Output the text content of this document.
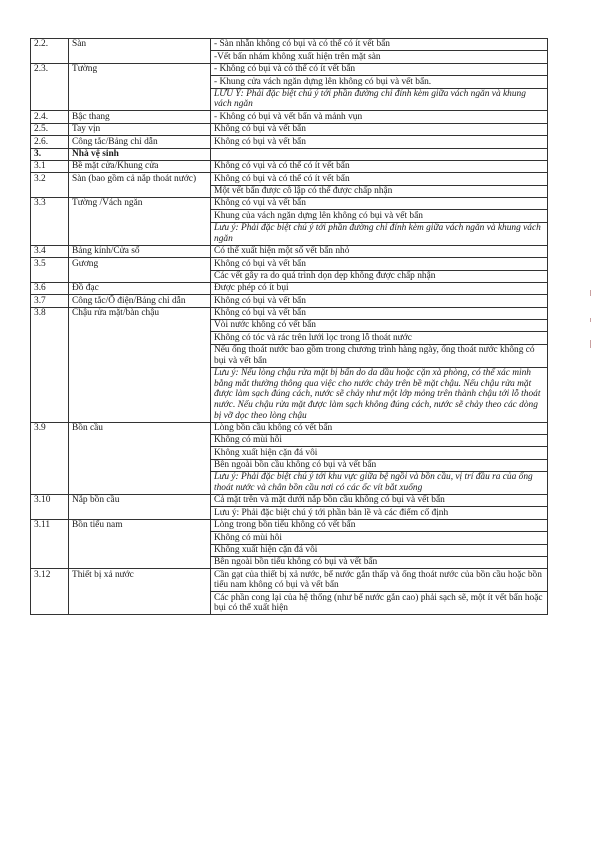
2.2.	Sàn	- Sàn nhẵn không có bụi và có thể có ít vết bẩn
		-Vết bẩn nhám không xuất hiện trên mặt sàn
2.3.	Tường	- Không có bụi và có thể có ít vết bẩn
		- Khung cửa vách ngăn dựng lên không có bụi và vết bẩn.
		LƯU Ý: Phải đặc biệt chú ý tới phần đường chỉ đính kèm giữa vách ngăn và khung vách ngăn
2.4.	Bậc thang	- Không có bụi và vết bẩn và mảnh vụn
2.5.	Tay vịn	Không có bụi và vết bẩn
2.6.	Công tắc/Bảng chỉ dẫn	Không có bụi và vết bẩn
3.	Nhà vệ sinh	
3.1	Bề mặt cửa/Khung cửa	Không có vụi và có thể có ít vết bẩn
3.2	Sàn (bao gồm cả nắp thoát nước)	Không có bụi và có thể có ít vết bẩn
		Một vết bẩn được cô lập có thể được chấp nhận
3.3	Tường /Vách ngăn	Không có vụi và vết bẩn
		Khung của vách ngăn dựng lên không có bụi và vết bẩn
		Lưu ý: Phải đặc biệt chú ý tới phần đường chỉ đính kèm giữa vách ngăn và khung vách ngăn
3.4	Bảng kính/Cửa sổ	Có thể xuất hiện một số vết bẩn nhỏ
3.5	Gương	Không có bụi và vết bẩn
		Các vết gây ra do quá trình dọn dẹp không được chấp nhận
3.6	Đồ đạc	Được phép có ít bụi
3.7	Công tắc/Ổ điện/Bảng chỉ dẫn	Không có bụi và vết bẩn
3.8	Chậu rửa mặt/bàn chậu	Không có bụi và vết bẩn
		Vòi nước không có vết bẩn
		Không có tóc và rác trên lưới lọc trong lỗ thoát nước
		Nếu ống thoát nước bao gồm trong chương trình hàng ngày, ống thoát nước không có bụi và vết bẩn
		Lưu ý: Nếu lòng chậu rửa mặt bị bẩn do da dầu hoặc cặn xà phòng, có thể xác minh bằng mắt thường thông qua việc cho nước chảy trên bề mặt chậu. Nếu chậu rửa mặt được làm sạch đúng cách, nước sẽ chảy như một lớp mỏng trên thành chậu tới lỗ thoát nước. Nếu chậu rửa mặt được làm sạch không đúng cách, nước sẽ chảy theo các dòng bị vỡ dọc theo lòng chậu
3.9	Bồn cầu	Lòng bồn cầu không có vết bẩn
		Không có mùi hôi
		Không xuất hiện cặn đá vôi
		Bên ngoài bồn cầu không có bụi và vết bẩn
		Lưu ý: Phải đặc biệt chú ý tới khu vực giữa bệ ngồi và bồn cầu, vị trí đầu ra của ống thoát nước và chân bồn cầu nơi có các ốc vít bắt xuống
3.10	Nắp bồn cầu	Cả mặt trên và mặt dưới nắp bồn cầu không có bụi và vết bẩn
		Lưu ý: Phải đặc biệt chú ý tới phần bản lề và các điểm cố định
3.11	Bồn tiểu nam	Lòng trong bồn tiểu không có vết bẩn
		Không có mùi hôi
		Không xuất hiện cặn đá vôi
		Bên ngoài bồn tiểu không có bụi và vết bẩn
3.12	Thiết bị xả nước	Cần gạt của thiết bị xả nước, bể nước gắn thấp và ống thoát nước của bồn cầu hoặc bồn tiểu nam không có bụi và vết bẩn
		Các phần cong lại của hệ thống (như bể nước gắn cao) phải sạch sẽ, một ít vết bẩn hoặc bụi có thể xuất hiện
